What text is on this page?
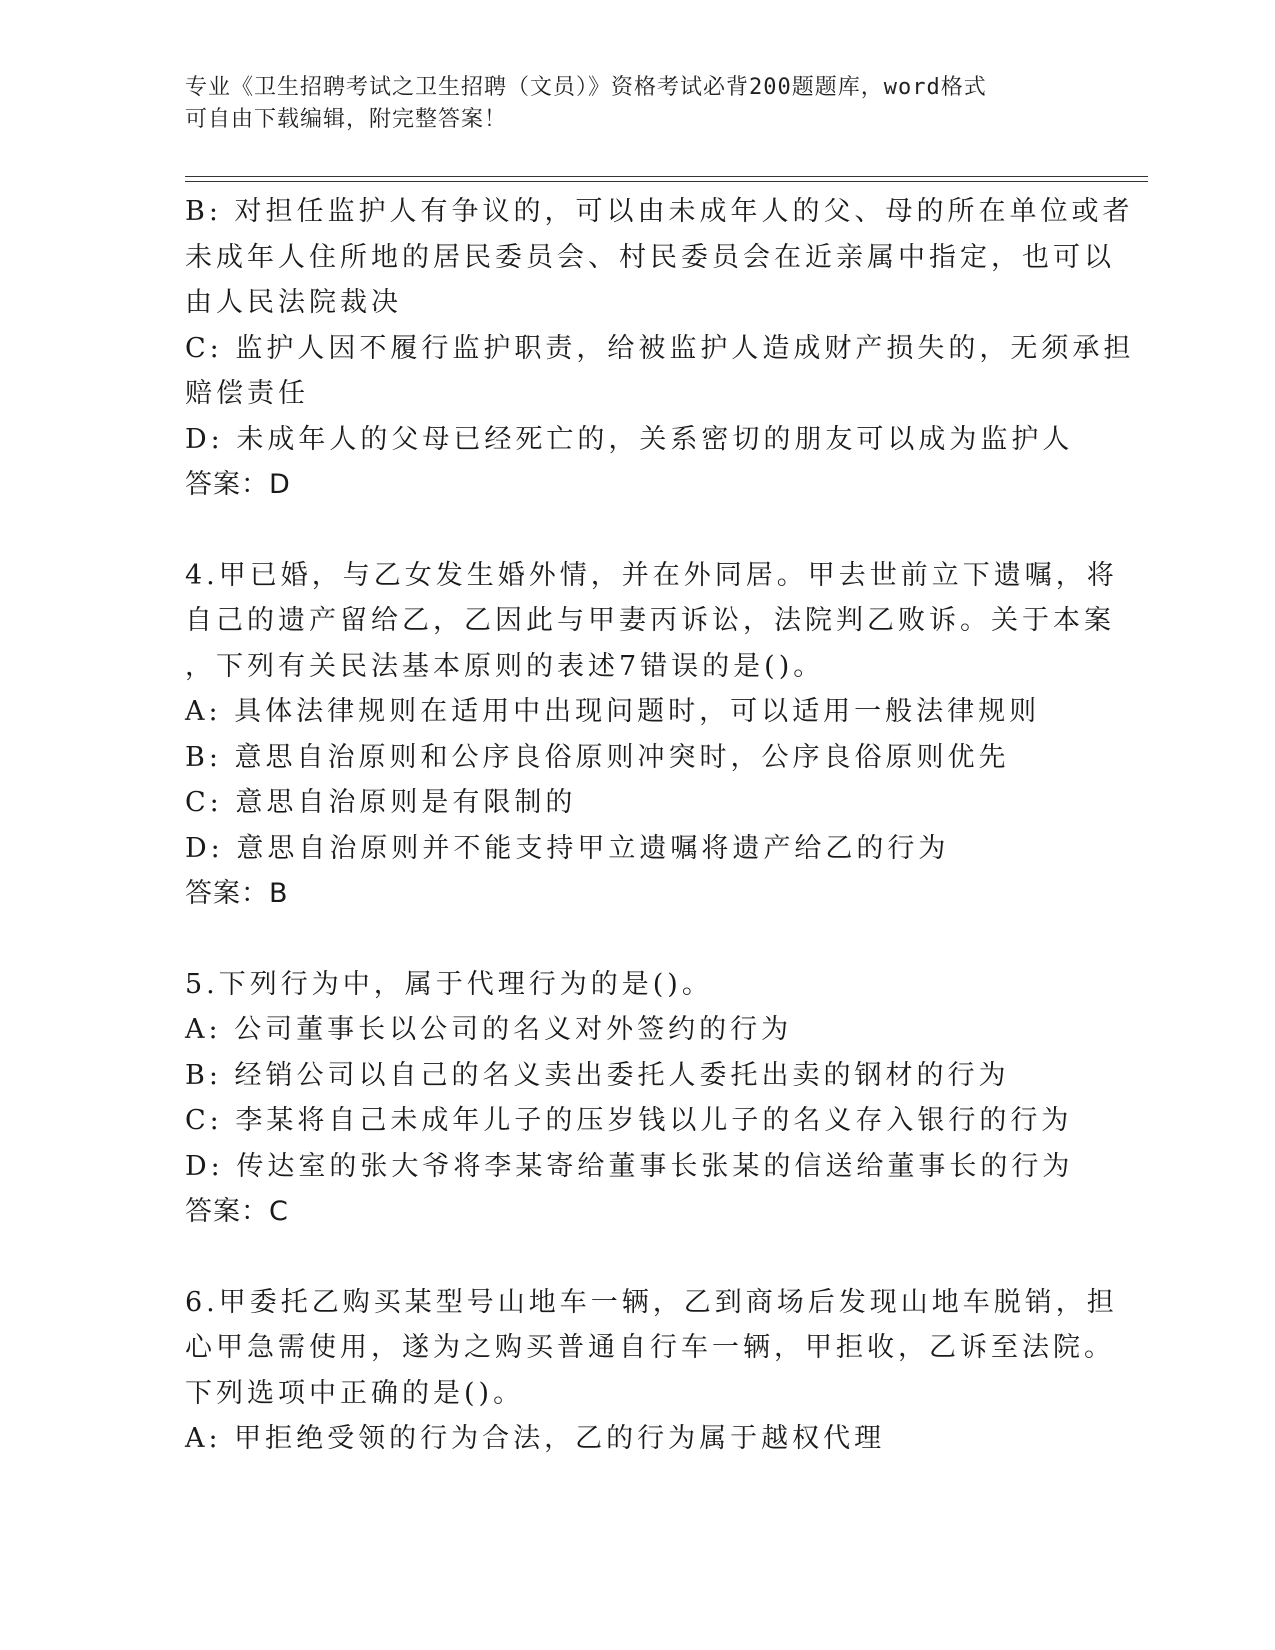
专业《卫生招聘考试之卫生招聘（文员）》资格考试必背200题题库，word格式
可自由下载编辑，附完整答案！
B: 对担任监护人有争议的，可以由未成年人的父、母的所在单位或者
未成年人住所地的居民委员会、村民委员会在近亲属中指定，也可以
由人民法院裁决
C: 监护人因不履行监护职责，给被监护人造成财产损失的，无须承担
赔偿责任
D: 未成年人的父母已经死亡的，关系密切的朋友可以成为监护人
答案：D
4.甲已婚，与乙女发生婚外情，并在外同居。甲去世前立下遗嘱，将
自己的遗产留给乙，乙因此与甲妻丙诉讼，法院判乙败诉。关于本案
，下列有关民法基本原则的表述7错误的是()。
A: 具体法律规则在适用中出现问题时，可以适用一般法律规则
B: 意思自治原则和公序良俗原则冲突时，公序良俗原则优先
C: 意思自治原则是有限制的
D: 意思自治原则并不能支持甲立遗嘱将遗产给乙的行为
答案：B
5.下列行为中，属于代理行为的是()。
A: 公司董事长以公司的名义对外签约的行为
B: 经销公司以自己的名义卖出委托人委托出卖的钢材的行为
C: 李某将自己未成年儿子的压岁钱以儿子的名义存入银行的行为
D: 传达室的张大爷将李某寄给董事长张某的信送给董事长的行为
答案：C
6.甲委托乙购买某型号山地车一辆，乙到商场后发现山地车脱销，担
心甲急需使用，遂为之购买普通自行车一辆，甲拒收，乙诉至法院。
下列选项中正确的是()。
A: 甲拒绝受领的行为合法，乙的行为属于越权代理
